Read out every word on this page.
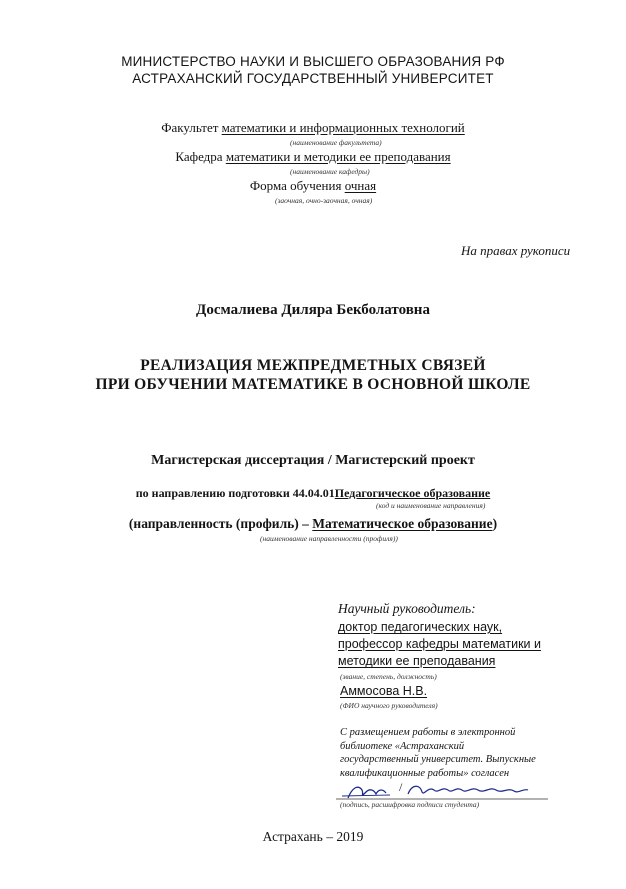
МИНИСТЕРСТВО НАУКИ И ВЫСШЕГО ОБРАЗОВАНИЯ РФ
АСТРАХАНСКИЙ ГОСУДАРСТВЕННЫЙ УНИВЕРСИТЕТ
Факультет математики и информационных технологий
(наименование факультета)
Кафедра математики и методики ее преподавания
(наименование кафедры)
Форма обучения очная
(заочная, очно-заочная, очная)
На правах рукописи
Досмалиева Диляра Бекболатовна
РЕАЛИЗАЦИЯ МЕЖПРЕДМЕТНЫХ СВЯЗЕЙ
ПРИ ОБУЧЕНИИ МАТЕМАТИКЕ В ОСНОВНОЙ ШКОЛЕ
Магистерская диссертация / Магистерский проект
по направлению подготовки 44.04.01Педагогическое образование
(код и наименование направления)
(направленность (профиль) – Математическое образование)
(наименование направленности (профиля))
Научный руководитель:
доктор педагогических наук,
профессор кафедры математики и
методики ее преподавания
(звание, степень, должность)
Аммосова Н.В.
(ФИО научного руководителя)
С размещением работы в электронной
библиотеке «Астраханский
государственный университет. Выпускные
квалификационные работы» согласен
/
(подпись, расшифровка подписи студента)
Астрахань – 2019
